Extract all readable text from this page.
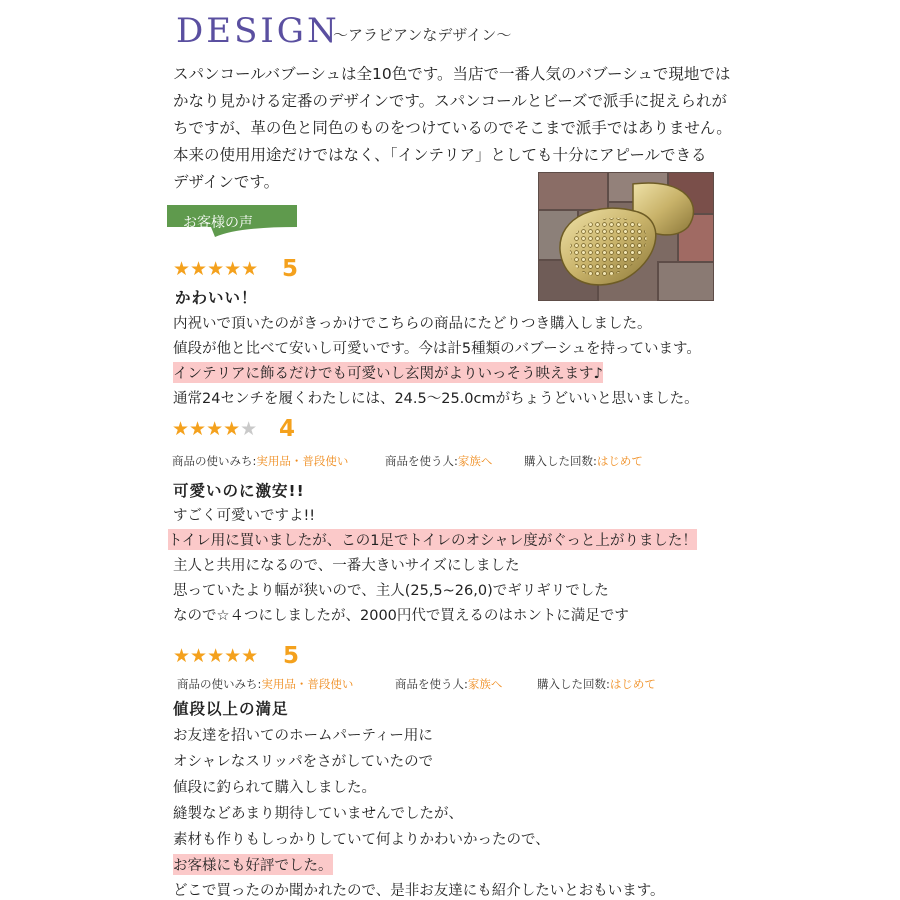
DESIGN
～アラビアンなデザイン～
スパンコールバブーシュは全10色です。当店で一番人気のバブーシュで現地では
かなり見かける定番のデザインです。スパンコールとビーズで派手に捉えられが
ちですが、革の色と同色のものをつけているのでそこまで派手ではありません。
本来の使用用途だけではなく、「インテリア」としても十分にアピールできる
デザインです。
お客様の声
★★★★★ 5
かわいい！
内祝いで頂いたのがきっかけでこちらの商品にたどりつき購入しました。
値段が他と比べて安いし可愛いです。今は計5種類のバブーシュを持っています。
インテリアに飾るだけでも可愛いし玄関がよりいっそう映えます♪
通常24センチを履くわたしには、24.5～25.0cmがちょうどいいと思いました。
★★★★★ 4
商品の使いみち:実用品・普段使い	商品を使う人:家族へ	購入した回数:はじめて
可愛いのに激安!!
すごく可愛いですよ!!
トイレ用に買いましたが、この1足でトイレのオシャレ度がぐっと上がりました！
主人と共用になるので、一番大きいサイズにしました
思っていたより幅が狭いので、主人(25,5~26,0)でギリギリでした
なので☆４つにしましたが、2000円代で買えるのはホントに満足です
★★★★★ 5
商品の使いみち:実用品・普段使い	商品を使う人:家族へ	購入した回数:はじめて
値段以上の満足
お友達を招いてのホームパーティー用に
オシャレなスリッパをさがしていたので
値段に釣られて購入しました。
縫製などあまり期待していませんでしたが、
素材も作りもしっかりしていて何よりかわいかったので、
お客様にも好評でした。
どこで買ったのか聞かれたので、是非お友達にも紹介したいとおもいます。
